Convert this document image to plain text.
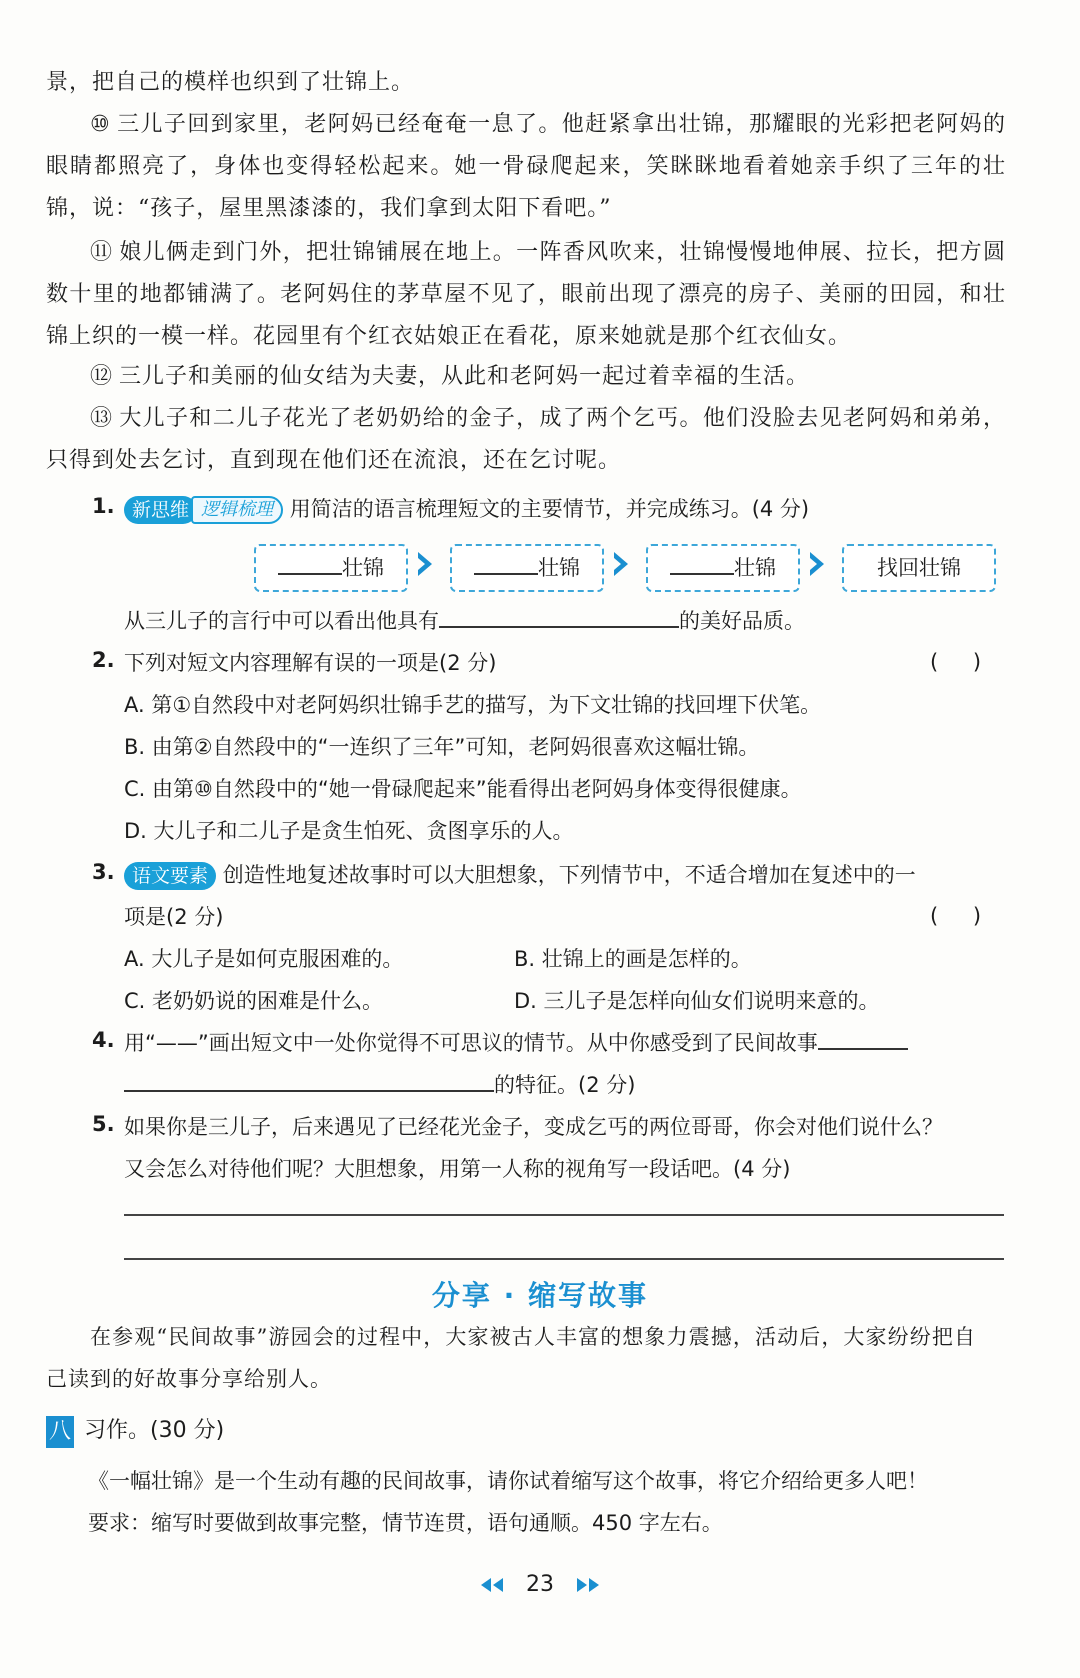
景，把自己的模样也织到了壮锦上。
⑩ 三儿子回到家里，老阿妈已经奄奄一息了。他赶紧拿出壮锦，那耀眼的光彩把老阿妈的眼睛都照亮了，身体也变得轻松起来。她一骨碌爬起来，笑眯眯地看着她亲手织了三年的壮锦，说：“孩子，屋里黑漆漆的，我们拿到太阳下看吧。”
⑪ 娘儿俩走到门外，把壮锦铺展在地上。一阵香风吹来，壮锦慢慢地伸展、拉长，把方圆数十里的地都铺满了。老阿妈住的茅草屋不见了，眼前出现了漂亮的房子、美丽的田园，和壮锦上织的一模一样。花园里有个红衣姑娘正在看花，原来她就是那个红衣仙女。
⑫ 三儿子和美丽的仙女结为夫妻，从此和老阿妈一起过着幸福的生活。
⑬ 大儿子和二儿子花光了老奶奶给的金子，成了两个乞丐。他们没脸去见老阿妈和弟弟，只得到处去乞讨，直到现在他们还在流浪，还在乞讨呢。
1. 新思维 逻辑梳理 用简洁的语言梳理短文的主要情节，并完成练习。(4 分)
壮锦	壮锦	壮锦	找回壮锦
从三儿子的言行中可以看出他具有	的美好品质。
2. 下列对短文内容理解有误的一项是(2 分)	( )
A. 第①自然段中对老阿妈织壮锦手艺的描写，为下文壮锦的找回埋下伏笔。
B. 由第②自然段中的“一连织了三年”可知，老阿妈很喜欢这幅壮锦。
C. 由第⑩自然段中的“她一骨碌爬起来”能看得出老阿妈身体变得很健康。
D. 大儿子和二儿子是贪生怕死、贪图享乐的人。
3. 语文要素 创造性地复述故事时可以大胆想象，下列情节中，不适合增加在复述中的一
项是(2 分)	( )
A. 大儿子是如何克服困难的。	B. 壮锦上的画是怎样的。
C. 老奶奶说的困难是什么。	D. 三儿子是怎样向仙女们说明来意的。
4. 用“——”画出短文中一处你觉得不可思议的情节。从中你感受到了民间故事
的特征。(2 分)
5. 如果你是三儿子，后来遇见了已经花光金子，变成乞丐的两位哥哥，你会对他们说什么？
又会怎么对待他们呢？大胆想象，用第一人称的视角写一段话吧。(4 分)
分享 · 缩写故事
在参观“民间故事”游园会的过程中，大家被古人丰富的想象力震撼，活动后，大家纷纷把自己读到的好故事分享给别人。
八 习作。(30 分)
《一幅壮锦》是一个生动有趣的民间故事，请你试着缩写这个故事，将它介绍给更多人吧！
要求：缩写时要做到故事完整，情节连贯，语句通顺。450 字左右。
23
